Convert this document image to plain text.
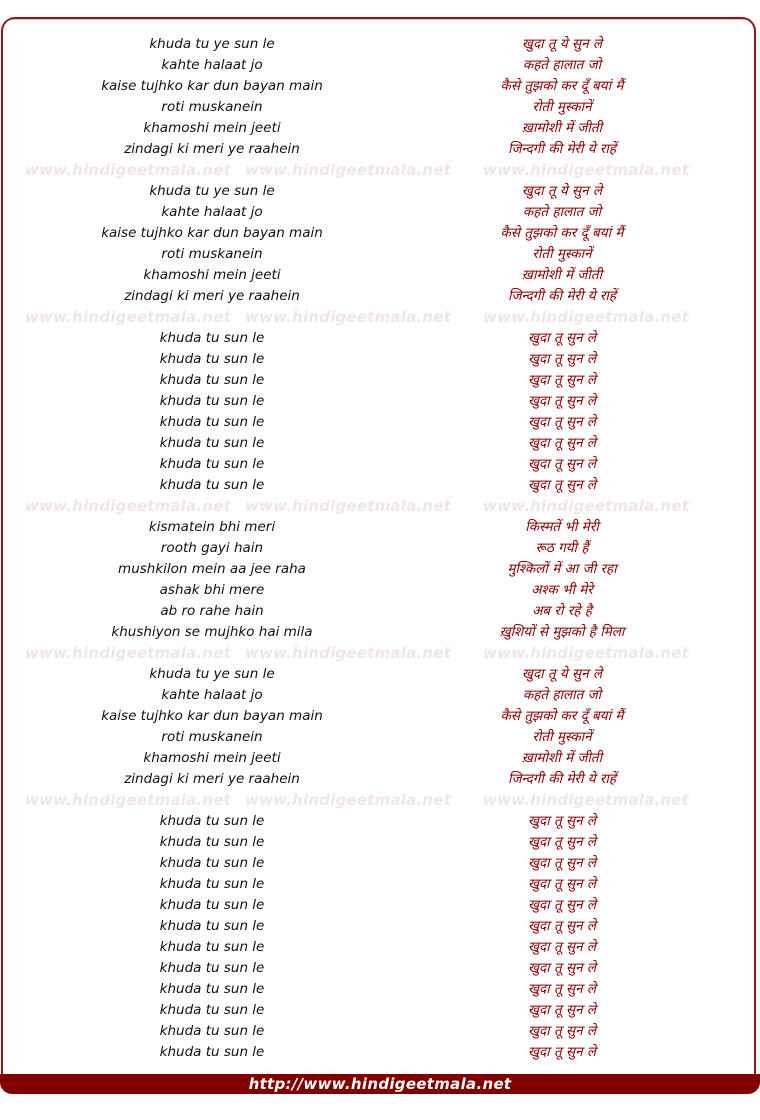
khuda tu ye sun le	खुदा तू ये सुन ले
kahte halaat jo	कहते हालात जो
kaise tujhko kar dun bayan main	कैसे तुझको कर दूँ बयां मैं
roti muskanein	रोती मुस्कानें
khamoshi mein jeeti	ख़ामोशी में जीती
zindagi ki meri ye raahein	जिन्दगी की मेरी ये राहें
www.hindigeetmala.net www.hindigeetmala.net www.hindigeetmala.net
khuda tu ye sun le	खुदा तू ये सुन ले
kahte halaat jo	कहते हालात जो
kaise tujhko kar dun bayan main	कैसे तुझको कर दूँ बयां मैं
roti muskanein	रोती मुस्कानें
khamoshi mein jeeti	ख़ामोशी में जीती
zindagi ki meri ye raahein	जिन्दगी की मेरी ये राहें
www.hindigeetmala.net www.hindigeetmala.net www.hindigeetmala.net
khuda tu sun le	खुदा तू सुन ले
khuda tu sun le	खुदा तू सुन ले
khuda tu sun le	खुदा तू सुन ले
khuda tu sun le	खुदा तू सुन ले
khuda tu sun le	खुदा तू सुन ले
khuda tu sun le	खुदा तू सुन ले
khuda tu sun le	खुदा तू सुन ले
khuda tu sun le	खुदा तू सुन ले
www.hindigeetmala.net www.hindigeetmala.net www.hindigeetmala.net
kismatein bhi meri	किस्मतें भी मेरी
rooth gayi hain	रूठ गयी हैं
mushkilon mein aa jee raha	मुश्किलों में आ जी रहा
ashak bhi mere	अश्क भी मेरे
ab ro rahe hain	अब रो रहे है
khushiyon se mujhko hai mila	ख़ुशियों से मुझको है मिला
www.hindigeetmala.net www.hindigeetmala.net www.hindigeetmala.net
khuda tu ye sun le	खुदा तू ये सुन ले
kahte halaat jo	कहते हालात जो
kaise tujhko kar dun bayan main	कैसे तुझको कर दूँ बयां मैं
roti muskanein	रोती मुस्कानें
khamoshi mein jeeti	ख़ामोशी में जीती
zindagi ki meri ye raahein	जिन्दगी की मेरी ये राहें
www.hindigeetmala.net www.hindigeetmala.net www.hindigeetmala.net
khuda tu sun le	खुदा तू सुन ले
khuda tu sun le	खुदा तू सुन ले
khuda tu sun le	खुदा तू सुन ले
khuda tu sun le	खुदा तू सुन ले
khuda tu sun le	खुदा तू सुन ले
khuda tu sun le	खुदा तू सुन ले
khuda tu sun le	खुदा तू सुन ले
khuda tu sun le	खुदा तू सुन ले
khuda tu sun le	खुदा तू सुन ले
khuda tu sun le	खुदा तू सुन ले
khuda tu sun le	खुदा तू सुन ले
khuda tu sun le	खुदा तू सुन ले
http://www.hindigeetmala.net
